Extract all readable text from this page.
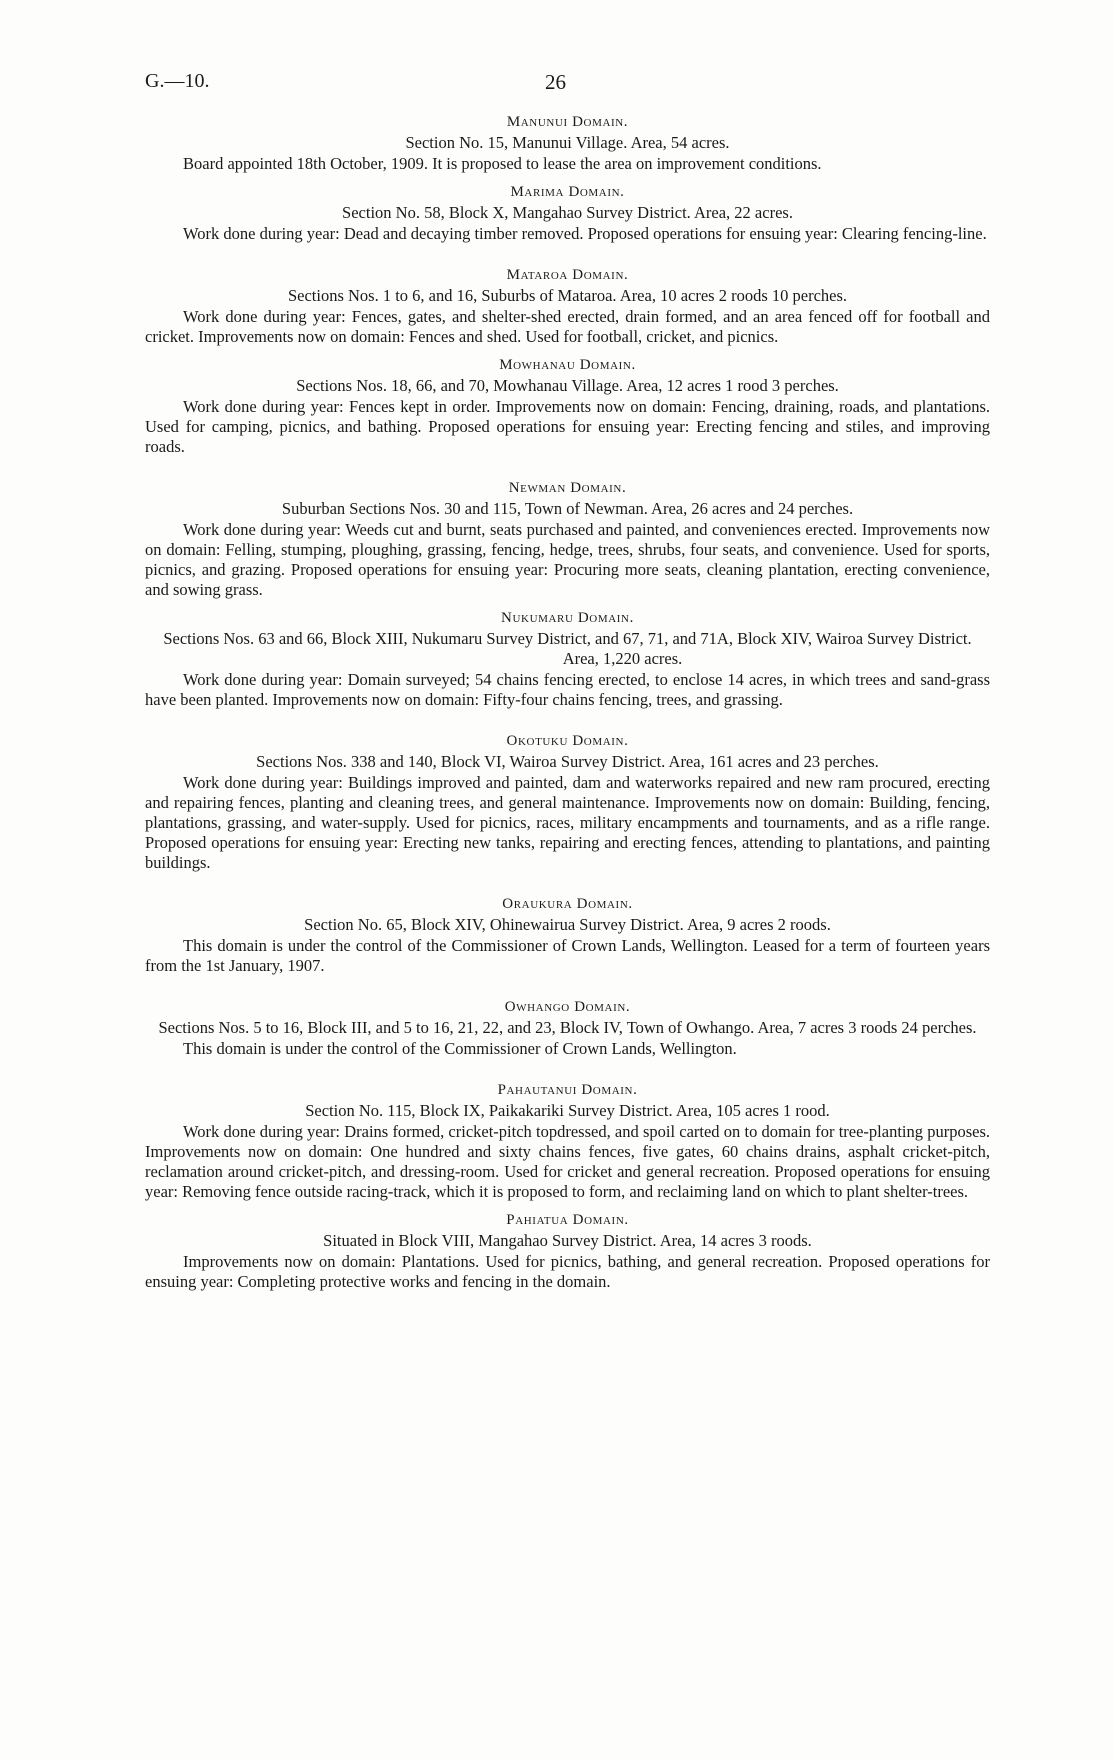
G.—10.	26
Manunui Domain.

Section No. 15, Manunui Village. Area, 54 acres.

Board appointed 18th October, 1909. It is proposed to lease the area on improvement conditions.

Marima Domain.

Section No. 58, Block X, Mangahao Survey District. Area, 22 acres.

Work done during year: Dead and decaying timber removed. Proposed operations for ensuing year: Clearing fencing-line.

Mataroa Domain.

Sections Nos. 1 to 6, and 16, Suburbs of Mataroa. Area, 10 acres 2 roods 10 perches.

Work done during year: Fences, gates, and shelter-shed erected, drain formed, and an area fenced off for football and cricket. Improvements now on domain: Fences and shed. Used for football, cricket, and picnics.

Mowhanau Domain.

Sections Nos. 18, 66, and 70, Mowhanau Village. Area, 12 acres 1 rood 3 perches.

Work done during year: Fences kept in order. Improvements now on domain: Fencing, draining, roads, and plantations. Used for camping, picnics, and bathing. Proposed operations for ensuing year: Erecting fencing and stiles, and improving roads.

Newman Domain.

Suburban Sections Nos. 30 and 115, Town of Newman. Area, 26 acres and 24 perches.

Work done during year: Weeds cut and burnt, seats purchased and painted, and conveniences erected. Improvements now on domain: Felling, stumping, ploughing, grassing, fencing, hedge, trees, shrubs, four seats, and convenience. Used for sports, picnics, and grazing. Proposed operations for ensuing year: Procuring more seats, cleaning plantation, erecting convenience, and sowing grass.

Nukumaru Domain.

Sections Nos. 63 and 66, Block XIII, Nukumaru Survey District, and 67, 71, and 71A, Block XIV, Wairoa Survey District. Area, 1,220 acres.

Work done during year: Domain surveyed; 54 chains fencing erected, to enclose 14 acres, in which trees and sand-grass have been planted. Improvements now on domain: Fifty-four chains fencing, trees, and grassing.

Okotuku Domain.

Sections Nos. 338 and 140, Block VI, Wairoa Survey District. Area, 161 acres and 23 perches.

Work done during year: Buildings improved and painted, dam and waterworks repaired and new ram procured, erecting and repairing fences, planting and cleaning trees, and general maintenance. Improvements now on domain: Building, fencing, plantations, grassing, and water-supply. Used for picnics, races, military encampments and tournaments, and as a rifle range. Proposed operations for ensuing year: Erecting new tanks, repairing and erecting fences, attending to plantations, and painting buildings.

Oraukura Domain.

Section No. 65, Block XIV, Ohinewairua Survey District. Area, 9 acres 2 roods.

This domain is under the control of the Commissioner of Crown Lands, Wellington. Leased for a term of fourteen years from the 1st January, 1907.

Owhango Domain.

Sections Nos. 5 to 16, Block III, and 5 to 16, 21, 22, and 23, Block IV, Town of Owhango. Area, 7 acres 3 roods 24 perches.

This domain is under the control of the Commissioner of Crown Lands, Wellington.

Pahautanui Domain.

Section No. 115, Block IX, Paikakariki Survey District. Area, 105 acres 1 rood.

Work done during year: Drains formed, cricket-pitch topdressed, and spoil carted on to domain for tree-planting purposes. Improvements now on domain: One hundred and sixty chains fences, five gates, 60 chains drains, asphalt cricket-pitch, reclamation around cricket-pitch, and dressing-room. Used for cricket and general recreation. Proposed operations for ensuing year: Removing fence outside racing-track, which it is proposed to form, and reclaiming land on which to plant shelter-trees.

Pahiatua Domain.

Situated in Block VIII, Mangahao Survey District. Area, 14 acres 3 roods.

Improvements now on domain: Plantations. Used for picnics, bathing, and general recreation. Proposed operations for ensuing year: Completing protective works and fencing in the domain.
